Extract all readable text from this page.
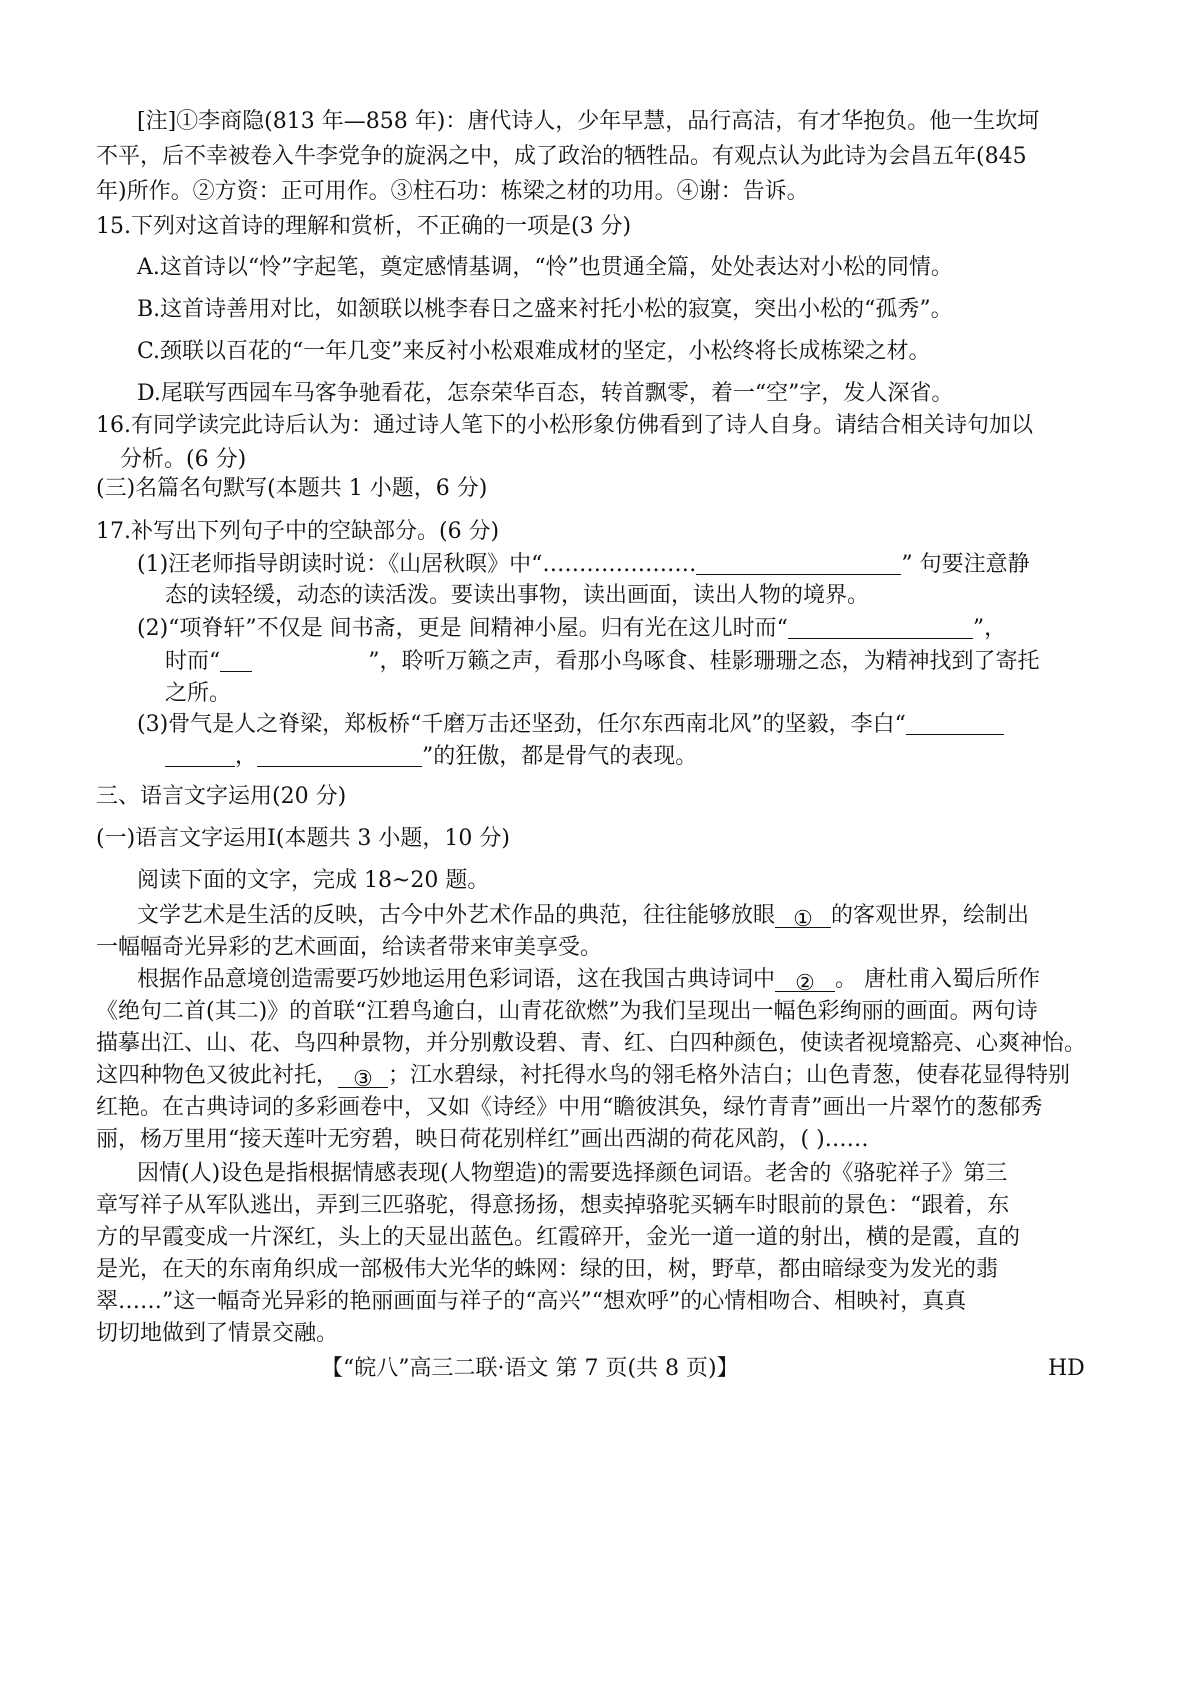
[注]①李商隐(813 年—858 年)：唐代诗人，少年早慧，品行高洁，有才华抱负。他一生坎坷
不平，后不幸被卷入牛李党争的旋涡之中，成了政治的牺牲品。有观点认为此诗为会昌五年(845
年)所作。②方资：正可用作。③柱石功：栋梁之材的功用。④谢：告诉。
15.下列对这首诗的理解和赏析，不正确的一项是(3 分)
A.这首诗以“怜”字起笔，奠定感情基调，“怜”也贯通全篇，处处表达对小松的同情。
B.这首诗善用对比，如颔联以桃李春日之盛来衬托小松的寂寞，突出小松的“孤秀”。
C.颈联以百花的“一年几变”来反衬小松艰难成材的坚定，小松终将长成栋梁之材。
D.尾联写西园车马客争驰看花，怎奈荣华百态，转首飘零，着一“空”字，发人深省。
16.有同学读完此诗后认为：通过诗人笔下的小松形象仿佛看到了诗人自身。请结合相关诗句加以
分析。(6 分)
(三)名篇名句默写(本题共 1 小题，6 分)
17.补写出下列句子中的空缺部分。(6 分)
(1)汪老师指导朗读时说：《山居秋暝》中“…………………	” 句要注意静
态的读轻缓，动态的读活泼。要读出事物，读出画面，读出人物的境界。
(2)“项脊轩”不仅是 间书斋，更是 间精神小屋。归有光在这儿时而“	”，
时而“	”，聆听万籁之声，看那小鸟啄食、桂影珊珊之态，为精神找到了寄托
之所。
(3)骨气是人之脊梁，郑板桥“千磨万击还坚劲，任尔东西南北风”的坚毅，李白“
，	”的狂傲，都是骨气的表现。
三、语言文字运用(20 分)
(一)语言文字运用Ⅰ(本题共 3 小题，10 分)
阅读下面的文字，完成 18~20 题。
文学艺术是生活的反映，古今中外艺术作品的典范，往往能够放眼 ① 的客观世界，绘制出
一幅幅奇光异彩的艺术画面，给读者带来审美享受。
根据作品意境创造需要巧妙地运用色彩词语，这在我国古典诗词中 ② 。 唐杜甫入蜀后所作
《绝句二首(其二)》的首联“江碧鸟逾白，山青花欲燃”为我们呈现出一幅色彩绚丽的画面。两句诗
描摹出江、山、花、鸟四种景物，并分别敷设碧、青、红、白四种颜色，使读者视境豁亮、心爽神怡。
这四种物色又彼此衬托， ③ ；江水碧绿，衬托得水鸟的翎毛格外洁白；山色青葱，使春花显得特别
红艳。在古典诗词的多彩画卷中，又如《诗经》中用“瞻彼淇奂，绿竹青青”画出一片翠竹的葱郁秀
丽，杨万里用“接天莲叶无穷碧，映日荷花别样红”画出西湖的荷花风韵，( )……
因情(人)设色是指根据情感表现(人物塑造)的需要选择颜色词语。老舍的《骆驼祥子》第三
章写祥子从军队逃出，弄到三匹骆驼，得意扬扬，想卖掉骆驼买辆车时眼前的景色：“跟着，东
方的早霞变成一片深红，头上的天显出蓝色。红霞碎开，金光一道一道的射出，横的是霞，直的
是光，在天的东南角织成一部极伟大光华的蛛网：绿的田，树，野草，都由暗绿变为发光的翡
翠……”这一幅奇光异彩的艳丽画面与祥子的“高兴”“想欢呼”的心情相吻合、相映衬，真真
切切地做到了情景交融。
【“皖八”高三二联·语文 第 7 页(共 8 页)】	HD
